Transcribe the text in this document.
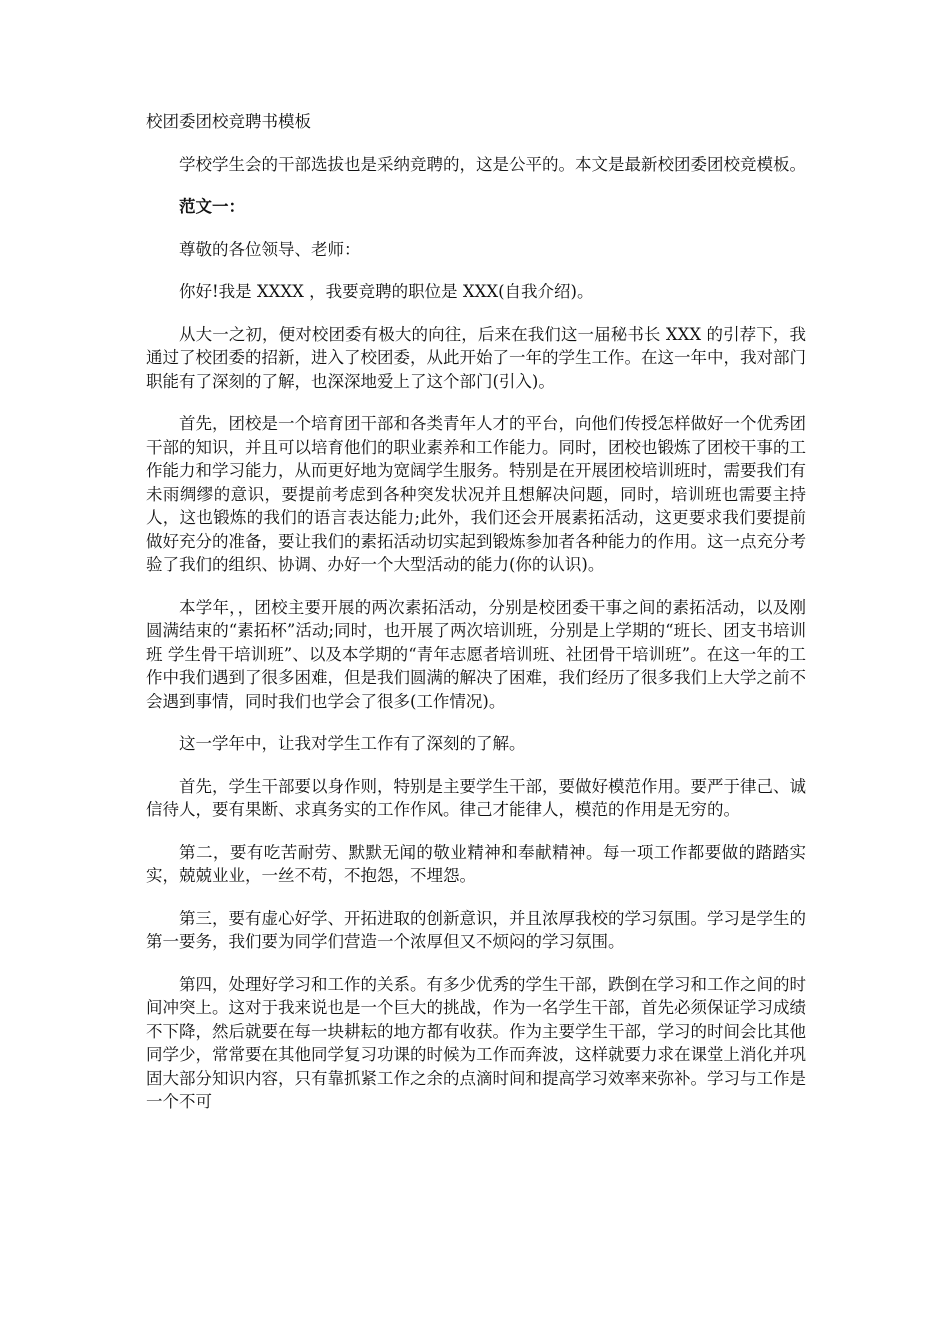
校团委团校竞聘书模板

学校学生会的干部选拔也是采纳竞聘的，这是公平的。本文是最新校团委团校竞模板。

范文一：

尊敬的各位领导、老师：

你好!我是 XXXX ，我要竞聘的职位是 XXX(自我介绍)。

从大一之初，便对校团委有极大的向往，后来在我们这一届秘书长 XXX 的引荐下，我通过了校团委的招新，进入了校团委，从此开始了一年的学生工作。在这一年中，我对部门职能有了深刻的了解，也深深地爱上了这个部门(引入)。

首先，团校是一个培育团干部和各类青年人才的平台，向他们传授怎样做好一个优秀团干部的知识，并且可以培育他们的职业素养和工作能力。同时，团校也锻炼了团校干事的工作能力和学习能力，从而更好地为宽阔学生服务。特别是在开展团校培训班时，需要我们有未雨绸缪的意识，要提前考虑到各种突发状况并且想解决问题，同时，培训班也需要主持人，这也锻炼的我们的语言表达能力;此外，我们还会开展素拓活动，这更要求我们要提前做好充分的准备，要让我们的素拓活动切实起到锻炼参加者各种能力的作用。这一点充分考验了我们的组织、协调、办好一个大型活动的能力(你的认识)。

本学年，，团校主要开展的两次素拓活动，分别是校团委干事之间的素拓活动，以及刚圆满结束的“素拓杯”活动;同时，也开展了两次培训班，分别是上学期的“班长、团支书培训班 学生骨干培训班”、以及本学期的“青年志愿者培训班、社团骨干培训班”。在这一年的工作中我们遇到了很多困难，但是我们圆满的解决了困难，我们经历了很多我们上大学之前不会遇到事情，同时我们也学会了很多(工作情况)。

这一学年中，让我对学生工作有了深刻的了解。

首先，学生干部要以身作则，特别是主要学生干部，要做好模范作用。要严于律己、诚信待人，要有果断、求真务实的工作作风。律己才能律人，模范的作用是无穷的。

第二，要有吃苦耐劳、默默无闻的敬业精神和奉献精神。每一项工作都要做的踏踏实实，兢兢业业，一丝不苟，不抱怨，不埋怨。

第三，要有虚心好学、开拓进取的创新意识，并且浓厚我校的学习氛围。学习是学生的第一要务，我们要为同学们营造一个浓厚但又不烦闷的学习氛围。

第四，处理好学习和工作的关系。有多少优秀的学生干部，跌倒在学习和工作之间的时间冲突上。这对于我来说也是一个巨大的挑战，作为一名学生干部，首先必须保证学习成绩不下降，然后就要在每一块耕耘的地方都有收获。作为主要学生干部，学习的时间会比其他同学少，常常要在其他同学复习功课的时候为工作而奔波，这样就要力求在课堂上消化并巩固大部分知识内容，只有靠抓紧工作之余的点滴时间和提高学习效率来弥补。学习与工作是一个不可
